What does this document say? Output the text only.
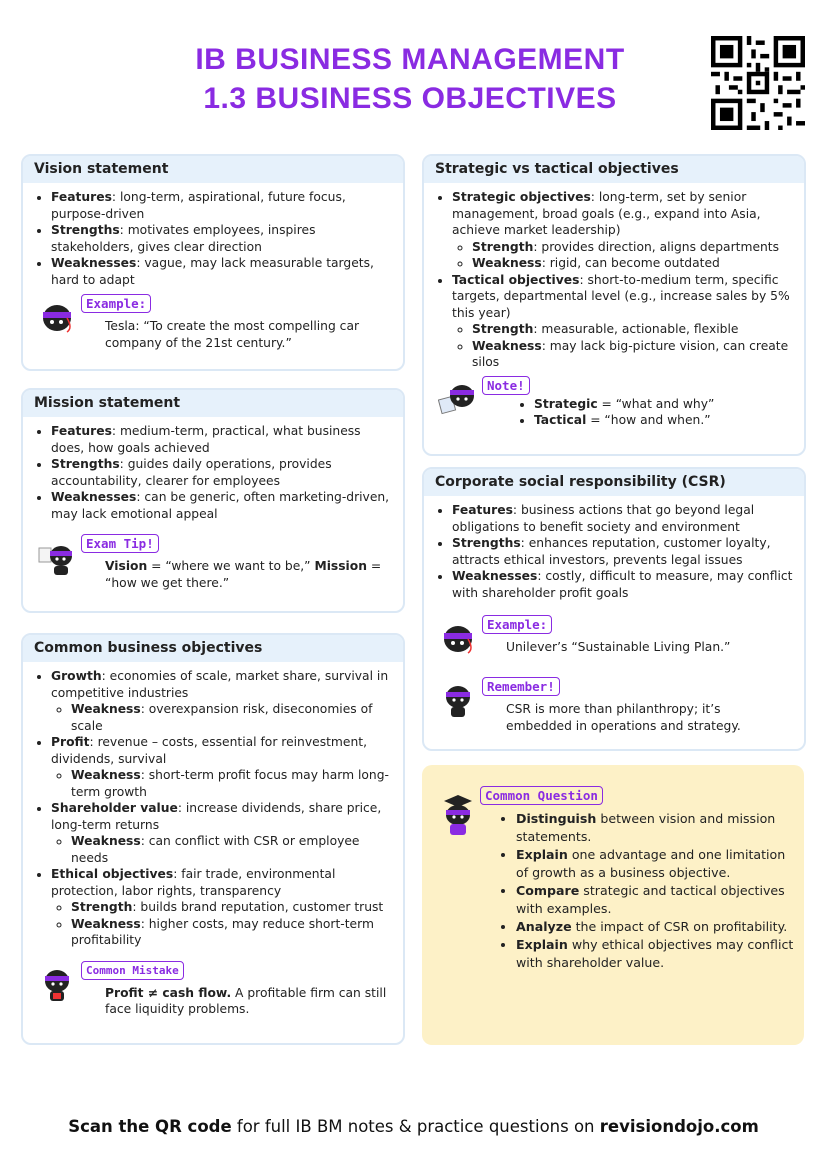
IB BUSINESS MANAGEMENT
1.3 BUSINESS OBJECTIVES
Vision statement
• Features: long-term, aspirational, future focus, purpose-driven
• Strengths: motivates employees, inspires stakeholders, gives clear direction
• Weaknesses: vague, may lack measurable targets, hard to adapt
Example:
Tesla: “To create the most compelling car company of the 21st century.”
Mission statement
• Features: medium-term, practical, what business does, how goals achieved
• Strengths: guides daily operations, provides accountability, clearer for employees
• Weaknesses: can be generic, often marketing-driven, may lack emotional appeal
Exam Tip!
Vision = “where we want to be,” Mission = “how we get there.”
Common business objectives
• Growth: economies of scale, market share, survival in competitive industries
◦ Weakness: overexpansion risk, diseconomies of scale
• Profit: revenue – costs, essential for reinvestment, dividends, survival
◦ Weakness: short-term profit focus may harm long-term growth
• Shareholder value: increase dividends, share price, long-term returns
◦ Weakness: can conflict with CSR or employee needs
• Ethical objectives: fair trade, environmental protection, labor rights, transparency
◦ Strength: builds brand reputation, customer trust
◦ Weakness: higher costs, may reduce short-term profitability
Common Mistake
Profit ≠ cash flow. A profitable firm can still face liquidity problems.
Strategic vs tactical objectives
• Strategic objectives: long-term, set by senior management, broad goals (e.g., expand into Asia, achieve market leadership)
◦ Strength: provides direction, aligns departments
◦ Weakness: rigid, can become outdated
• Tactical objectives: short-to-medium term, specific targets, departmental level (e.g., increase sales by 5% this year)
◦ Strength: measurable, actionable, flexible
◦ Weakness: may lack big-picture vision, can create silos
Note!
• Strategic = “what and why”
• Tactical = “how and when.”
Corporate social responsibility (CSR)
• Features: business actions that go beyond legal obligations to benefit society and environment
• Strengths: enhances reputation, customer loyalty, attracts ethical investors, prevents legal issues
• Weaknesses: costly, difficult to measure, may conflict with shareholder profit goals
Example:
Unilever’s “Sustainable Living Plan.”
Remember!
CSR is more than philanthropy; it’s embedded in operations and strategy.
Common Question
• Distinguish between vision and mission statements.
• Explain one advantage and one limitation of growth as a business objective.
• Compare strategic and tactical objectives with examples.
• Analyze the impact of CSR on profitability.
• Explain why ethical objectives may conflict with shareholder value.
Scan the QR code for full IB BM notes & practice questions on revisiondojo.com
